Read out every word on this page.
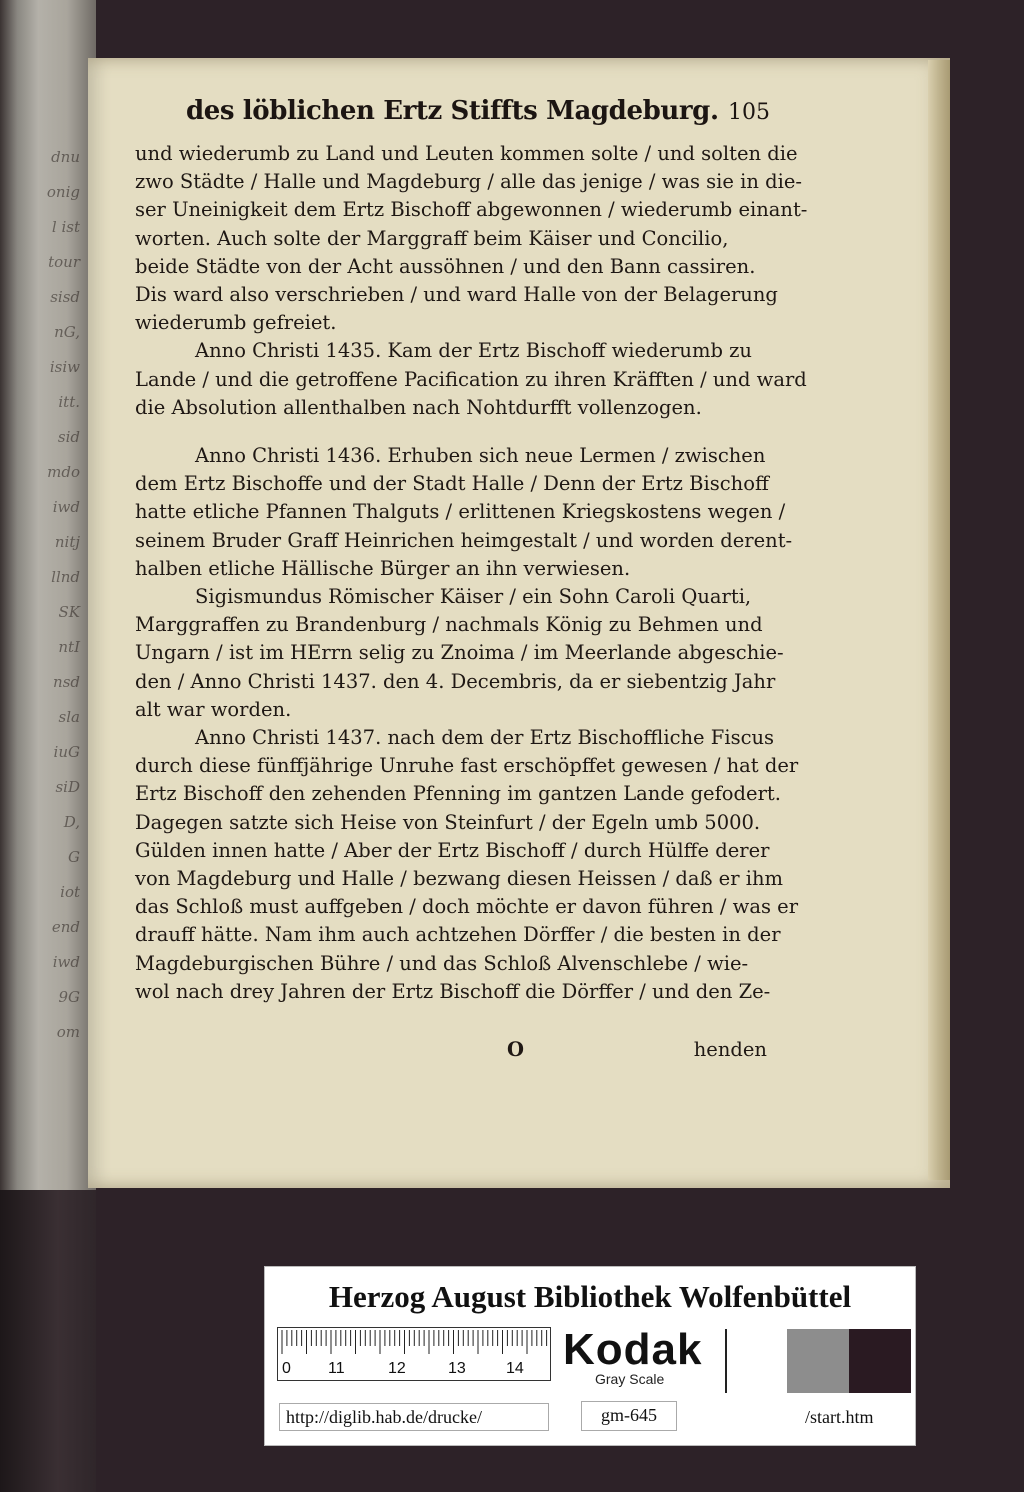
dnu
onig
l ist
tour
sisd
nG,
isiw
itt.
sid
mdo
iwd
nitj
llnd
SK
ntI
nsd
sla
iuG
siD
D,
G
iot
end
iwd
9G
om
des löblichen Ertz Stiffts Magdeburg. 105
und wiederumb zu Land und Leuten kommen solte / und solten die
zwo Städte / Halle und Magdeburg / alle das jenige / was sie in die-
ser Uneinigkeit dem Ertz Bischoff abgewonnen / wiederumb einant-
worten. Auch solte der Marggraff beim Käiser und Concilio,
beide Städte von der Acht aussöhnen / und den Bann cassiren.
Dis ward also verschrieben / und ward Halle von der Belagerung
wiederumb gefreiet.
Anno Christi 1435. Kam der Ertz Bischoff wiederumb zu
Lande / und die getroffene Pacification zu ihren Kräfften / und ward
die Absolution allenthalben nach Nohtdurfft vollenzogen.
Anno Christi 1436. Erhuben sich neue Lermen / zwischen
dem Ertz Bischoffe und der Stadt Halle / Denn der Ertz Bischoff
hatte etliche Pfannen Thalguts / erlittenen Kriegskostens wegen /
seinem Bruder Graff Heinrichen heimgestalt / und worden derent-
halben etliche Hällische Bürger an ihn verwiesen.
Sigismundus Römischer Käiser / ein Sohn Caroli Quarti,
Marggraffen zu Brandenburg / nachmals König zu Behmen und
Ungarn / ist im HErrn selig zu Znoima / im Meerlande abgeschie-
den / Anno Christi 1437. den 4. Decembris, da er siebentzig Jahr
alt war worden.
Anno Christi 1437. nach dem der Ertz Bischoffliche Fiscus
durch diese fünffjährige Unruhe fast erschöpffet gewesen / hat der
Ertz Bischoff den zehenden Pfenning im gantzen Lande gefodert.
Dagegen satzte sich Heise von Steinfurt / der Egeln umb 5000.
Gülden innen hatte / Aber der Ertz Bischoff / durch Hülffe derer
von Magdeburg und Halle / bezwang diesen Heissen / daß er ihm
das Schloß must auffgeben / doch möchte er davon führen / was er
drauff hätte. Nam ihm auch achtzehen Dörffer / die besten in der
Magdeburgischen Bühre / und das Schloß Alvenschlebe / wie-
wol nach drey Jahren der Ertz Bischoff die Dörffer / und den Ze-
O	henden
Herzog August Bibliothek Wolfenbüttel
0 11	12	13	14 Kodak
Gray Scale
http://diglib.hab.de/drucke/	gm-645	/start.htm
